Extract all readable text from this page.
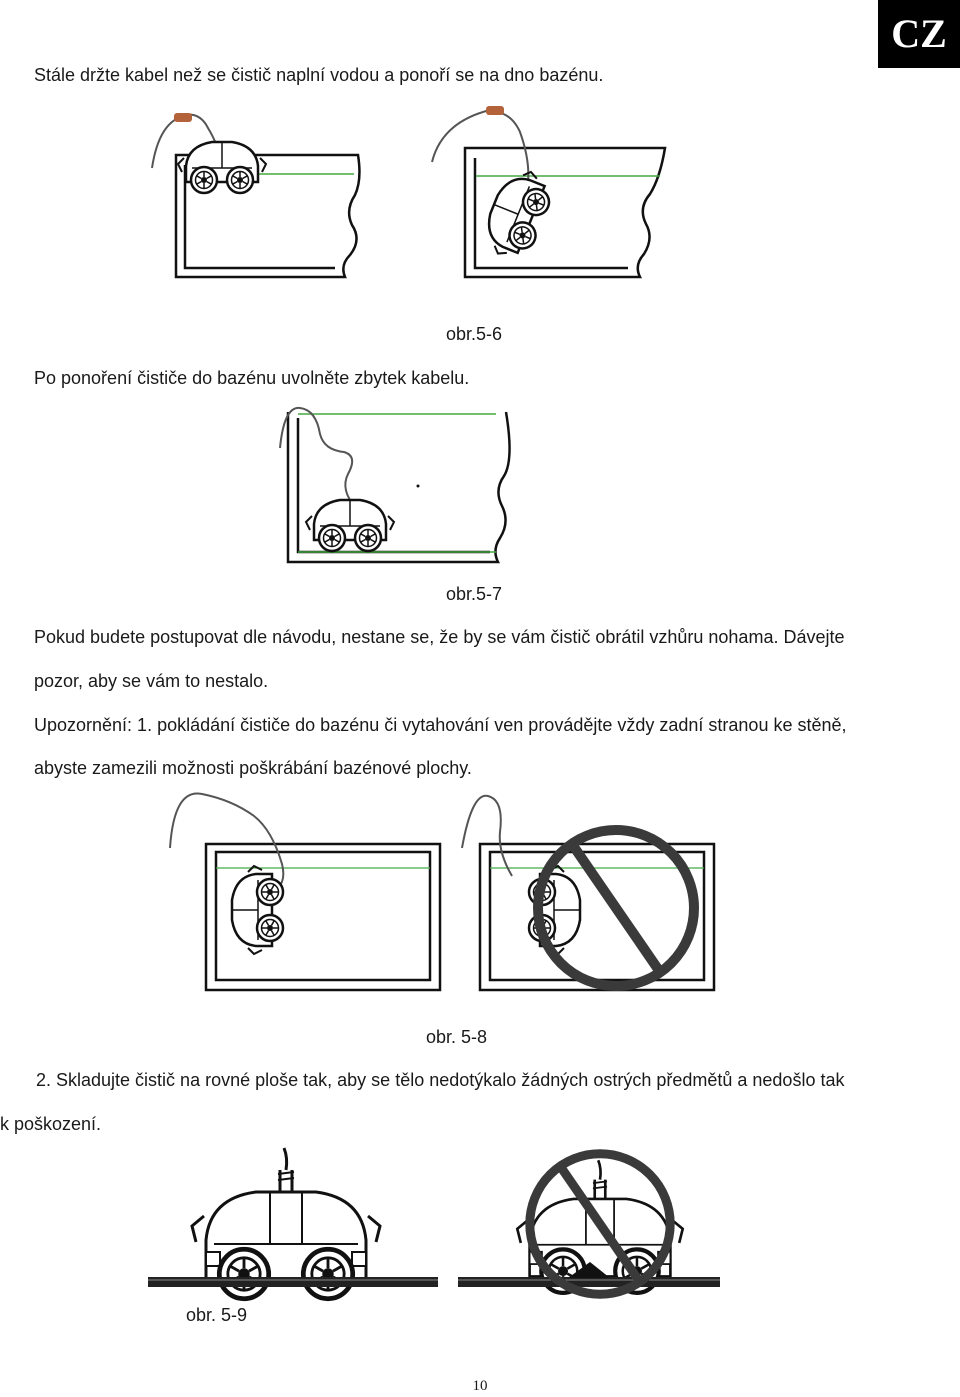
CZ
Stále držte kabel než se čistič naplní vodou a ponoří se na dno bazénu.
obr.5-6
Po ponoření čističe do bazénu uvolněte zbytek kabelu.
obr.5-7
Pokud budete postupovat dle návodu, nestane se, že by se vám čistič obrátil vzhůru nohama. Dávejte
pozor, aby se vám to nestalo.
Upozornění: 1. pokládání čističe do bazénu či vytahování ven provádějte vždy zadní stranou ke stěně,
abyste zamezili možnosti poškrábání bazénové plochy.
obr. 5-8
2. Skladujte čistič na rovné ploše tak, aby se tělo nedotýkalo žádných ostrých předmětů a nedošlo tak
k poškození.
obr. 5-9
10
